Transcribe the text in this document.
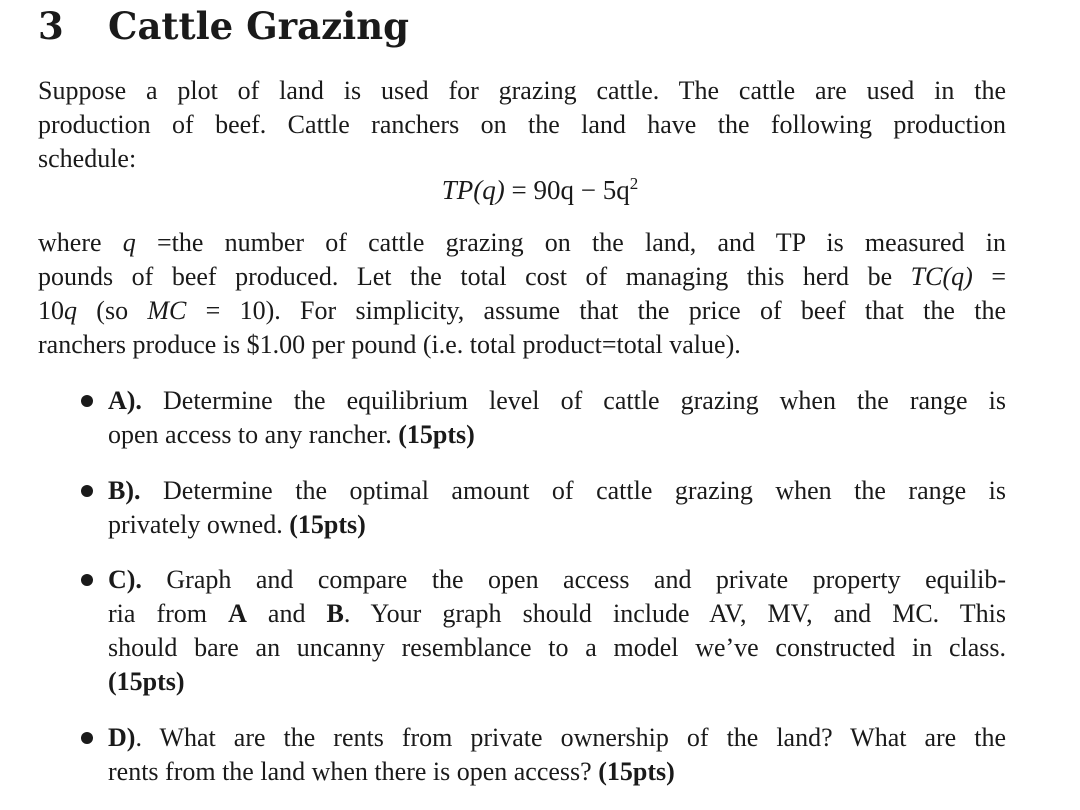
3 Cattle Grazing
Suppose a plot of land is used for grazing cattle. The cattle are used in the
production of beef. Cattle ranchers on the land have the following production
schedule:
$TP(q) = 90q - 5q^2$
where q =the number of cattle grazing on the land, and TP is measured in
pounds of beef produced. Let the total cost of managing this herd be TC(q) =
10q (so MC = 10). For simplicity, assume that the price of beef that the the
ranchers produce is $1.00 per pound (i.e. total product=total value).
A). Determine the equilibrium level of cattle grazing when the range is
open access to any rancher. (15pts)
B). Determine the optimal amount of cattle grazing when the range is
privately owned. (15pts)
C). Graph and compare the open access and private property equilib-
ria from A and B. Your graph should include AV, MV, and MC. This
should bare an uncanny resemblance to a model we’ve constructed in class.
(15pts)
D). What are the rents from private ownership of the land? What are the
rents from the land when there is open access? (15pts)
